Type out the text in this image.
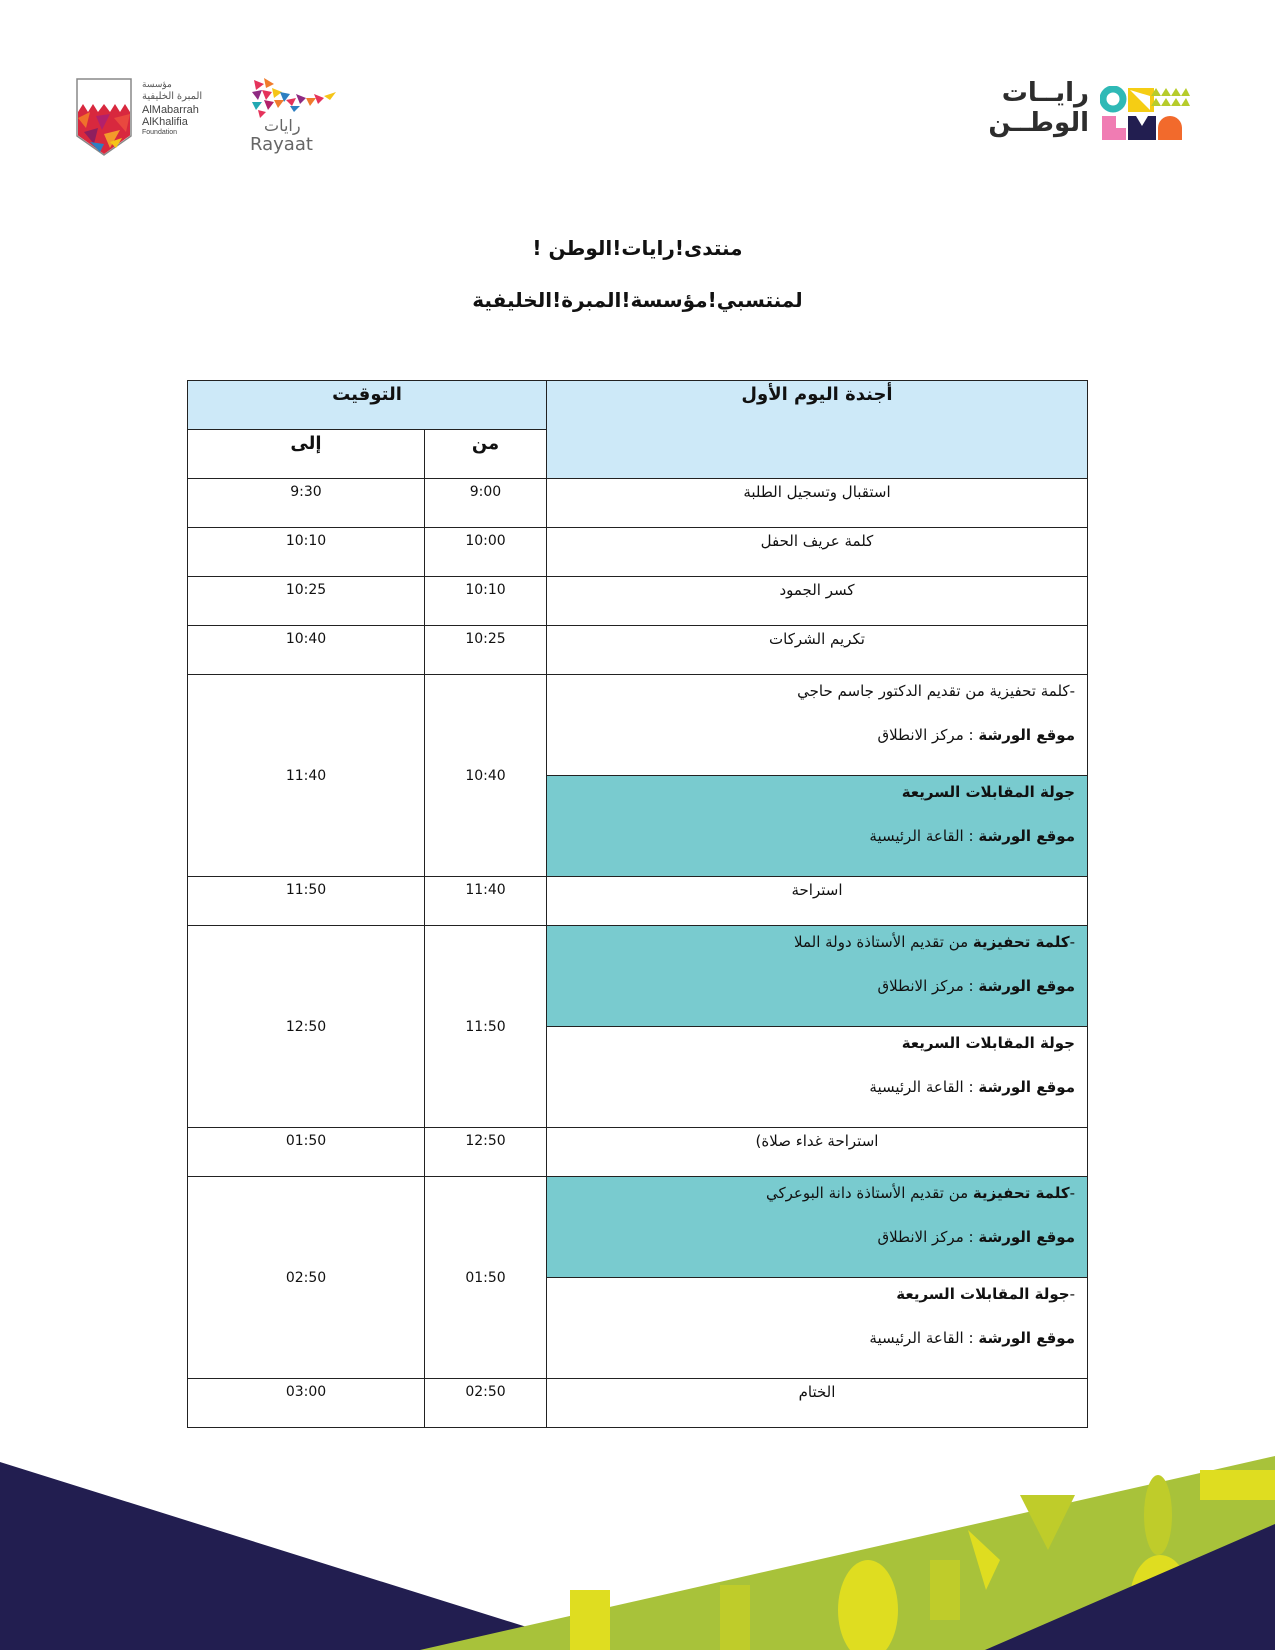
مؤسسة
المبرة الخليفية
AlMabarrah
AlKhalifia
Foundation	رايات
Rayaat
رايــات
الوطــن
منتدى!رايات!الوطن !
لمنتسبي!مؤسسة!المبرة!الخليفية
التوقيت		أجندة اليوم الأول

إلى	من	

9:30	9:00	استقبال وتسجيل الطلبة
10:10	10:00	كلمة عريف الحفل
10:25	10:10	كسر الجمود
10:40	10:25	تكريم الشركات
11:40	10:40	-كلمة تحفيزية من تقديم الدكتور جاسم حاجي
موقع الورشة : مركز الانطلاق

		جولة المقابلات السريعة
موقع الورشة : القاعة الرئيسية

11:50	11:40	استراحة
12:50	11:50	-كلمة تحفيزية من تقديم الأستاذة دولة الملا
موقع الورشة : مركز الانطلاق

		جولة المقابلات السريعة
موقع الورشة : القاعة الرئيسية

01:50	12:50	استراحة غداء صلاة)
02:50	01:50	-كلمة تحفيزية من تقديم الأستاذة دانة البوعركي
موقع الورشة : مركز الانطلاق

		-جولة المقابلات السريعة
موقع الورشة : القاعة الرئيسية

03:00	02:50	الختام
